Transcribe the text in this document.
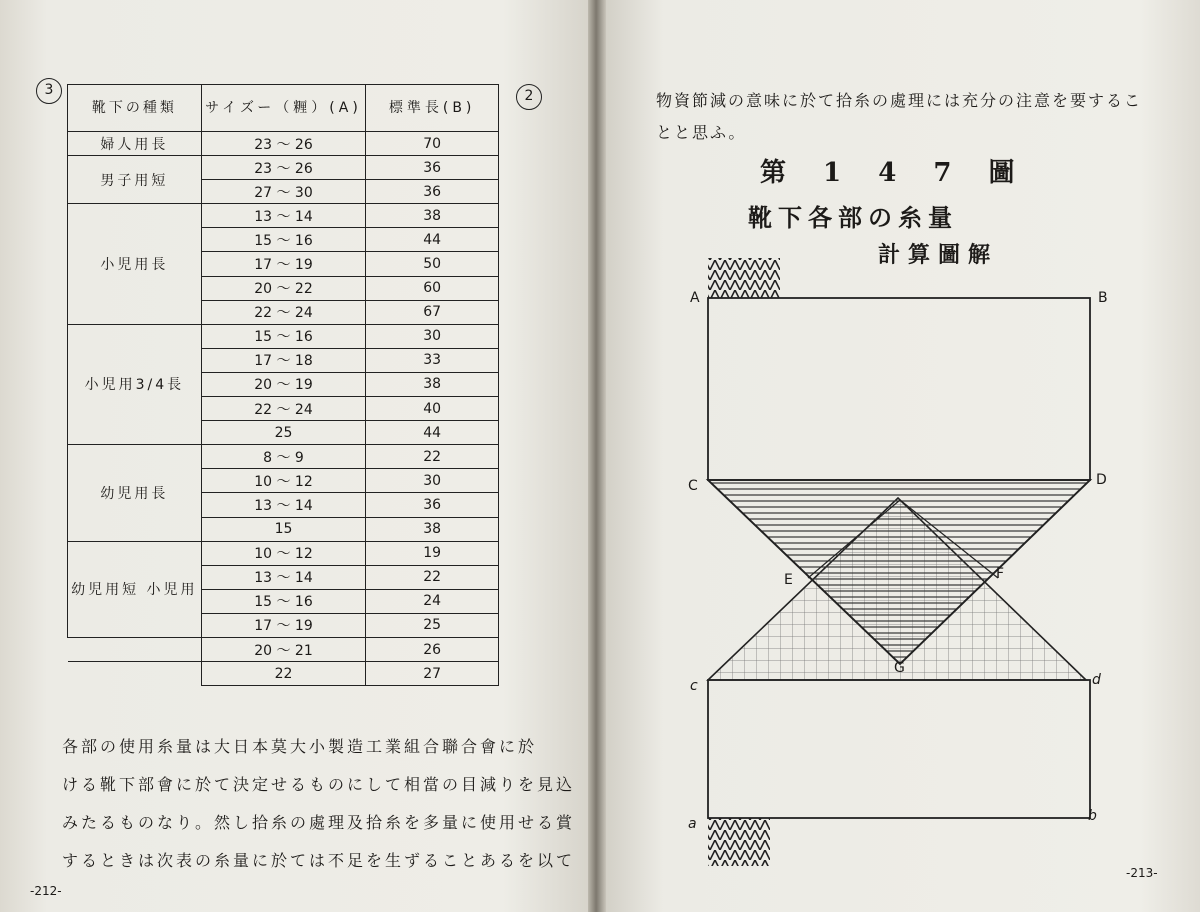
3	2
靴下の種類	サイズー（糎）(A)	標準長(B)
婦人用長	23 〜 26	70
男子用短	23 〜 26	36
	27 〜 30	36
小児用長	13 〜 14	38
	15 〜 16	44
	17 〜 19	50
	20 〜 22	60
	22 〜 24	67
小児用3/4長	15 〜 16	30
	17 〜 18	33
	20 〜 19	38
	22 〜 24	40
	25	44
幼児用長	8 〜 9	22
	10 〜 12	30
	13 〜 14	36
	15	38
幼児用短 小児用	10 〜 12	19
	13 〜 14	22
	15 〜 16	24
	17 〜 19	25
	20 〜 21	26
	22	27
各部の使用糸量は大日本莫大小製造工業組合聯合會に於
ける靴下部會に於て決定せるものにして相當の目減りを見込
みたるものなり。然し拾糸の處理及拾糸を多量に使用せる賞
するときは次表の糸量に於ては不足を生ずることあるを以て
-212-
物資節減の意味に於て拾糸の處理には充分の注意を要するこ
とと思ふ。
第 1 4 7 圖
靴下各部の糸量
計算圖解
A	B
C	D
E	F
G
c	d
a	b
-213-
